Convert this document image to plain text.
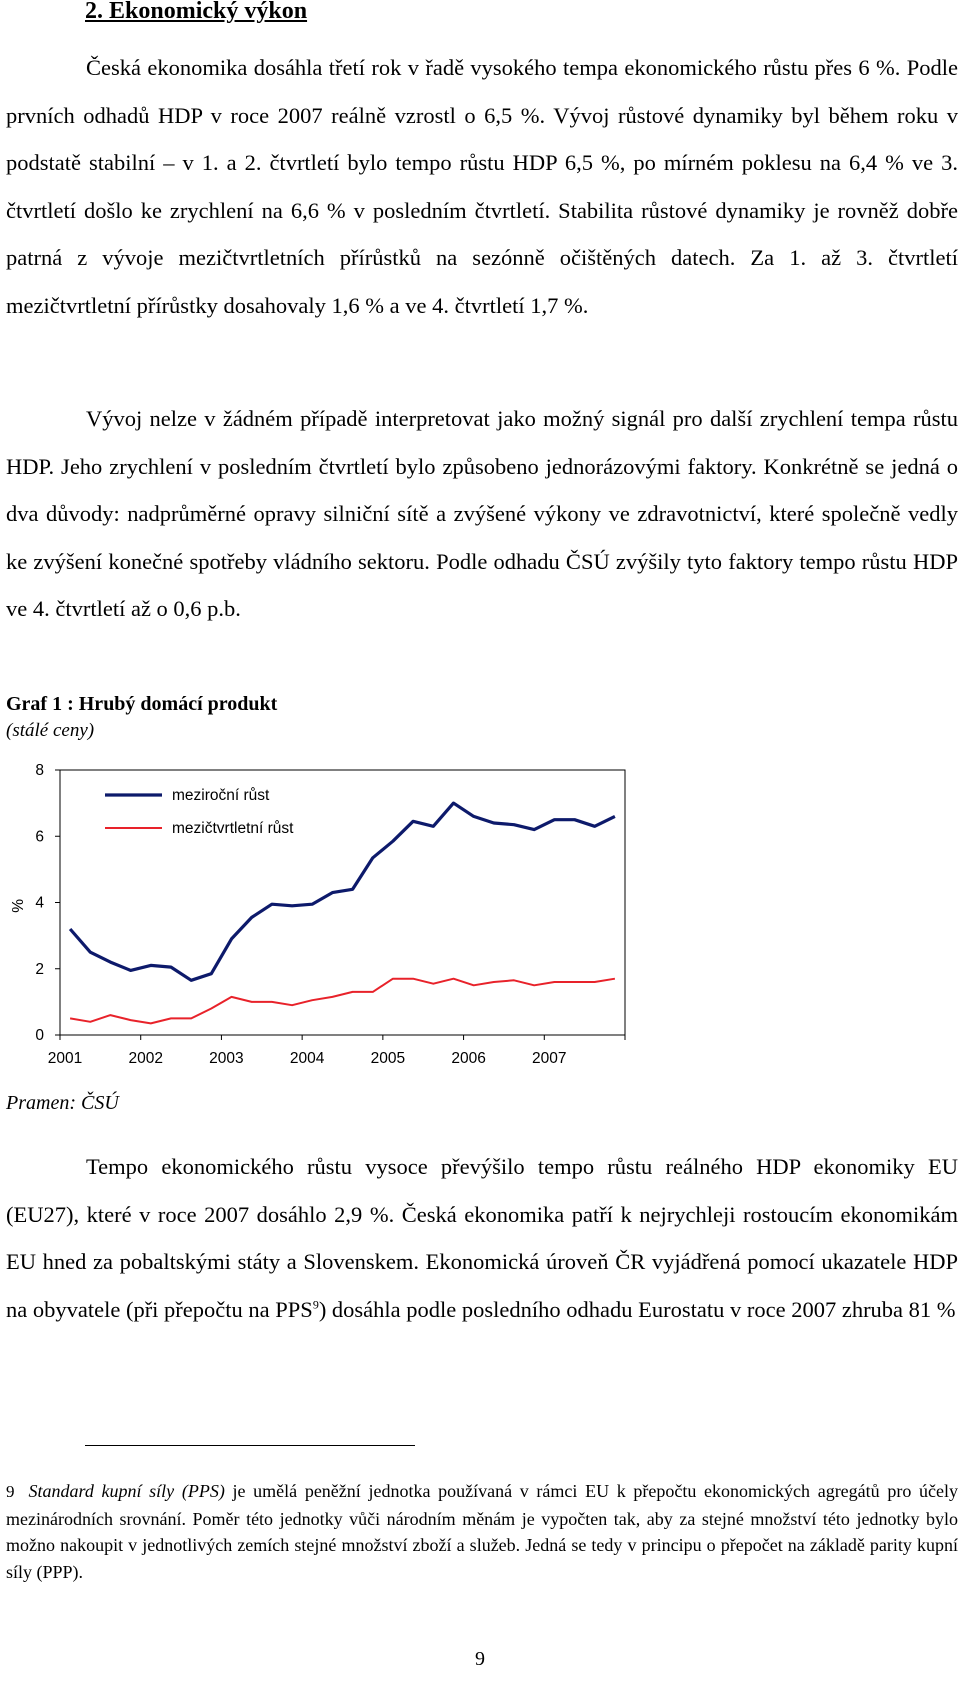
2. Ekonomický výkon

Česká ekonomika dosáhla třetí rok v řadě vysokého tempa ekonomického růstu přes 6 %. Podle prvních odhadů HDP v roce 2007 reálně vzrostl o 6,5 %. Vývoj růstové dynamiky byl během roku v podstatě stabilní – v 1. a 2. čtvrtletí bylo tempo růstu HDP 6,5 %, po mírném poklesu na 6,4 % ve 3. čtvrtletí došlo ke zrychlení na 6,6 % v posledním čtvrtletí. Stabilita růstové dynamiky je rovněž dobře patrná z vývoje mezičtvrtletních přírůstků na sezónně očištěných datech. Za 1. až 3. čtvrtletí mezičtvrtletní přírůstky dosahovaly 1,6 % a ve 4. čtvrtletí 1,7 %.

Vývoj nelze v žádném případě interpretovat jako možný signál pro další zrychlení tempa růstu HDP. Jeho zrychlení v posledním čtvrtletí bylo způsobeno jednorázovými faktory. Konkrétně se jedná o dva důvody: nadprůměrné opravy silniční sítě a zvýšené výkony ve zdravotnictví, které společně vedly ke zvýšení konečné spotřeby vládního sektoru. Podle odhadu ČSÚ zvýšily tyto faktory tempo růstu HDP ve 4. čtvrtletí až o 0,6 p.b.

Graf 1 : Hrubý domácí produkt

(stálé ceny)

0
2
4
6
8
%
2001	2002	2003	2004	2005	2006	2007
meziroční růst
mezičtvrtletní růst

Pramen: ČSÚ

Tempo ekonomického růstu vysoce převýšilo tempo růstu reálného HDP ekonomiky EU (EU27), které v roce 2007 dosáhlo 2,9 %. Česká ekonomika patří k nejrychleji rostoucím ekonomikám EU hned za pobaltskými státy a Slovenskem. Ekonomická úroveň ČR vyjádřená pomocí ukazatele HDP na obyvatele (při přepočtu na PPS$^9$) dosáhla podle posledního odhadu Eurostatu v roce 2007 zhruba 81 %

9 Standard kupní síly (PPS) je umělá peněžní jednotka používaná v rámci EU k přepočtu ekonomických agregátů pro účely mezinárodních srovnání. Poměr této jednotky vůči národním měnám je vypočten tak, aby za stejné množství této jednotky bylo možno nakoupit v jednotlivých zemích stejné množství zboží a služeb. Jedná se tedy v principu o přepočet na základě parity kupní síly (PPP).

9
